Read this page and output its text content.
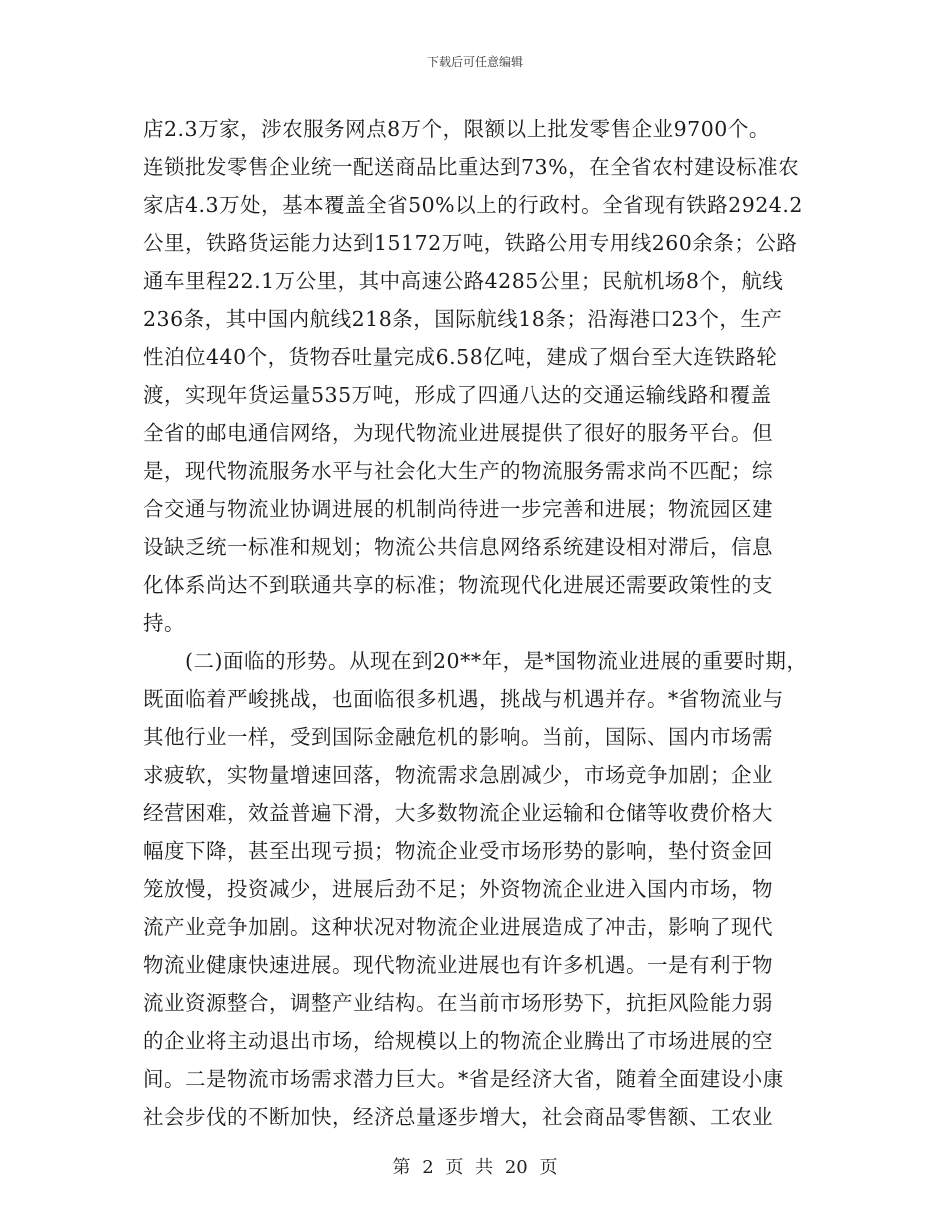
下载后可任意编辑
店2.3万家，涉农服务网点8万个，限额以上批发零售企业9700个。
连锁批发零售企业统一配送商品比重达到73%，在全省农村建设标准农
家店4.3万处，基本覆盖全省50%以上的行政村。全省现有铁路2924.2
公里，铁路货运能力达到15172万吨，铁路公用专用线260余条；公路
通车里程22.1万公里，其中高速公路4285公里；民航机场8个，航线
236条，其中国内航线218条，国际航线18条；沿海港口23个，生产
性泊位440个，货物吞吐量完成6.58亿吨，建成了烟台至大连铁路轮
渡，实现年货运量535万吨，形成了四通八达的交通运输线路和覆盖
全省的邮电通信网络，为现代物流业进展提供了很好的服务平台。但
是，现代物流服务水平与社会化大生产的物流服务需求尚不匹配；综
合交通与物流业协调进展的机制尚待进一步完善和进展；物流园区建
设缺乏统一标准和规划；物流公共信息网络系统建设相对滞后，信息
化体系尚达不到联通共享的标准；物流现代化进展还需要政策性的支
持。
　　(二)面临的形势。从现在到20**年，是*国物流业进展的重要时期，
既面临着严峻挑战，也面临很多机遇，挑战与机遇并存。*省物流业与
其他行业一样，受到国际金融危机的影响。当前，国际、国内市场需
求疲软，实物量增速回落，物流需求急剧减少，市场竞争加剧；企业
经营困难，效益普遍下滑，大多数物流企业运输和仓储等收费价格大
幅度下降，甚至出现亏损；物流企业受市场形势的影响，垫付资金回
笼放慢，投资减少，进展后劲不足；外资物流企业进入国内市场，物
流产业竞争加剧。这种状况对物流企业进展造成了冲击，影响了现代
物流业健康快速进展。现代物流业进展也有许多机遇。一是有利于物
流业资源整合，调整产业结构。在当前市场形势下，抗拒风险能力弱
的企业将主动退出市场，给规模以上的物流企业腾出了市场进展的空
间。二是物流市场需求潜力巨大。*省是经济大省，随着全面建设小康
社会步伐的不断加快，经济总量逐步增大，社会商品零售额、工农业
第 2 页 共 20 页
